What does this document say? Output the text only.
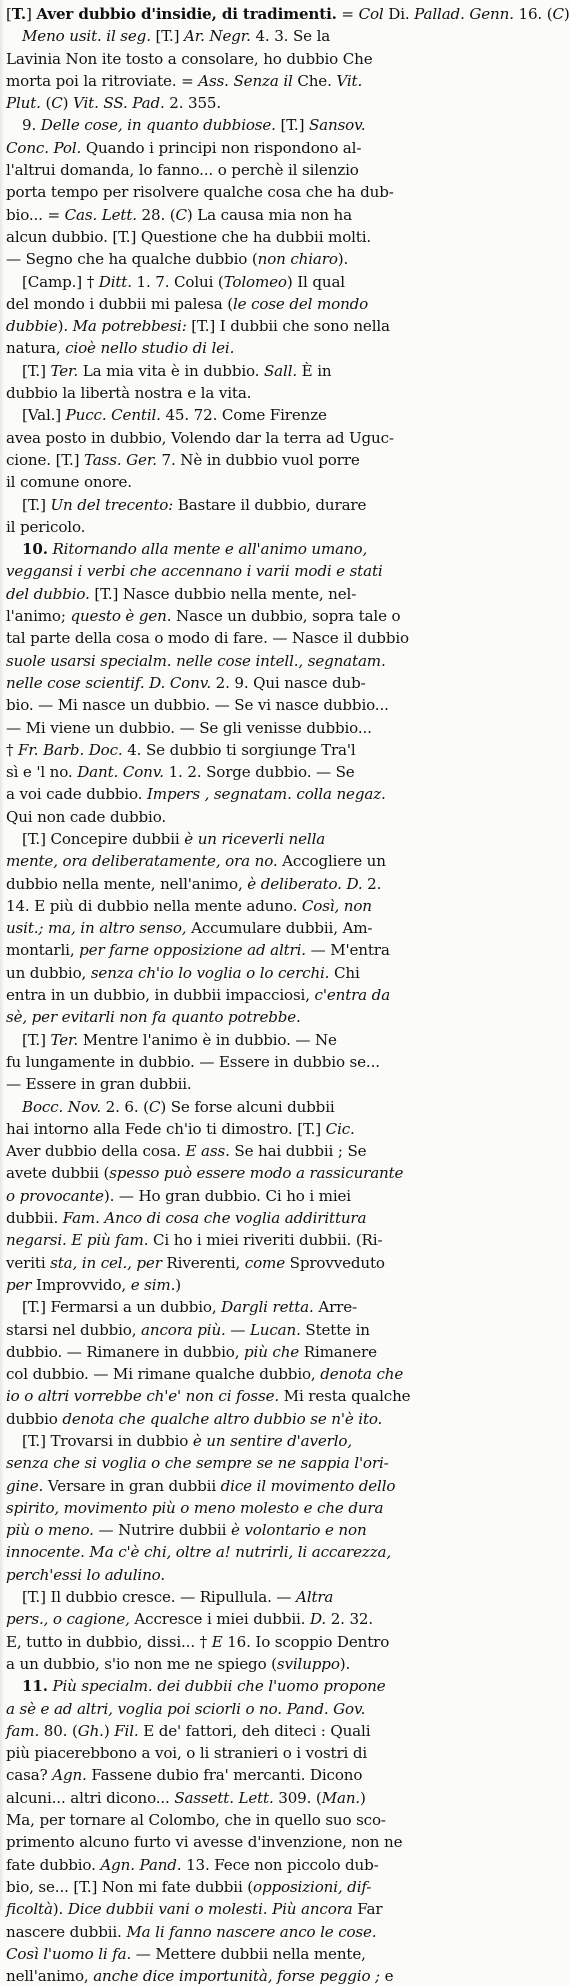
[T.] Aver dubbio d'insidie, di tradimenti. = Col Di. Pallad. Genn. 16. (C)
Meno usit. il seg. [T.] Ar. Negr. 4. 3. Se la
Lavinia Non ite tosto a consolare, ho dubbio Che
morta poi la ritroviate. = Ass. Senza il Che. Vit.
Plut. (C) Vit. SS. Pad. 2. 355.
9. Delle cose, in quanto dubbiose. [T.] Sansov.
Conc. Pol. Quando i principi non rispondono al-
l'altrui domanda, lo fanno... o perchè il silenzio
porta tempo per risolvere qualche cosa che ha dub-
bio... = Cas. Lett. 28. (C) La causa mia non ha
alcun dubbio. [T.] Questione che ha dubbii molti.
— Segno che ha qualche dubbio (non chiaro).
[Camp.] † Ditt. 1. 7. Colui (Tolomeo) Il qual
del mondo i dubbii mi palesa (le cose del mondo
dubbie). Ma potrebbesi: [T.] I dubbii che sono nella
natura, cioè nello studio di lei.
[T.] Ter. La mia vita è in dubbio. Sall. È in
dubbio la libertà nostra e la vita.
[Val.] Pucc. Centil. 45. 72. Come Firenze
avea posto in dubbio, Volendo dar la terra ad Uguc-
cione. [T.] Tass. Ger. 7. Nè in dubbio vuol porre
il comune onore.
[T.] Un del trecento: Bastare il dubbio, durare
il pericolo.
10. Ritornando alla mente e all'animo umano,
veggansi i verbi che accennano i varii modi e stati
del dubbio. [T.] Nasce dubbio nella mente, nel-
l'animo; questo è gen. Nasce un dubbio, sopra tale o
tal parte della cosa o modo di fare. — Nasce il dubbio
suole usarsi specialm. nelle cose intell., segnatam.
nelle cose scientif. D. Conv. 2. 9. Qui nasce dub-
bio. — Mi nasce un dubbio. — Se vi nasce dubbio...
— Mi viene un dubbio. — Se gli venisse dubbio...
† Fr. Barb. Doc. 4. Se dubbio ti sorgiunge Tra'l
sì e 'l no. Dant. Conv. 1. 2. Sorge dubbio. — Se
a voi cade dubbio. Impers , segnatam. colla negaz.
Qui non cade dubbio.
[T.] Concepire dubbii è un riceverli nella
mente, ora deliberatamente, ora no. Accogliere un
dubbio nella mente, nell'animo, è deliberato. D. 2.
14. E più di dubbio nella mente aduno. Così, non
usit.; ma, in altro senso, Accumulare dubbii, Am-
montarli, per farne opposizione ad altri. — M'entra
un dubbio, senza ch'io lo voglia o lo cerchi. Chi
entra in un dubbio, in dubbii impacciosi, c'entra da
sè, per evitarli non fa quanto potrebbe.
[T.] Ter. Mentre l'animo è in dubbio. — Ne
fu lungamente in dubbio. — Essere in dubbio se...
— Essere in gran dubbii.
Bocc. Nov. 2. 6. (C) Se forse alcuni dubbii
hai intorno alla Fede ch'io ti dimostro. [T.] Cic.
Aver dubbio della cosa. E ass. Se hai dubbii ; Se
avete dubbii (spesso può essere modo a rassicurante
o provocante). — Ho gran dubbio. Ci ho i miei
dubbii. Fam. Anco di cosa che voglia addirittura
negarsi. E più fam. Ci ho i miei riveriti dubbii. (Ri-
veriti sta, in cel., per Riverenti, come Sprovveduto
per Improvvido, e sim.)
[T.] Fermarsi a un dubbio, Dargli retta. Arre-
starsi nel dubbio, ancora più. — Lucan. Stette in
dubbio. — Rimanere in dubbio, più che Rimanere
col dubbio. — Mi rimane qualche dubbio, denota che
io o altri vorrebbe ch'e' non ci fosse. Mi resta qualche
dubbio denota che qualche altro dubbio se n'è ito.
[T.] Trovarsi in dubbio è un sentire d'averlo,
senza che si voglia o che sempre se ne sappia l'ori-
gine. Versare in gran dubbii dice il movimento dello
spirito, movimento più o meno molesto e che dura
più o meno. — Nutrire dubbii è volontario e non
innocente. Ma c'è chi, oltre a! nutrirli, li accarezza,
perch'essi lo adulino.
[T.] Il dubbio cresce. — Ripullula. — Altra
pers., o cagione, Accresce i miei dubbii. D. 2. 32.
E, tutto in dubbio, dissi... † E 16. Io scoppio Dentro
a un dubbio, s'io non me ne spiego (sviluppo).
11. Più specialm. dei dubbii che l'uomo propone
a sè e ad altri, voglia poi sciorli o no. Pand. Gov.
fam. 80. (Gh.) Fil. E de' fattori, deh diteci : Quali
più piacerebbono a voi, o li stranieri o i vostri di
casa? Agn. Fassene dubio fra' mercanti. Dicono
alcuni... altri dicono... Sassett. Lett. 309. (Man.)
Ma, per tornare al Colombo, che in quello suo sco-
primento alcuno furto vi avesse d'invenzione, non ne
fate dubbio. Agn. Pand. 13. Fece non piccolo dub-
bio, se... [T.] Non mi fate dubbii (opposizioni, dif-
ficoltà). Dice dubbii vani o molesti. Più ancora Far
nascere dubbii. Ma li fanno nascere anco le cose.
Così l'uomo li fa. — Mettere dubbii nella mente,
nell'animo, anche dice importunità, forse peggio ; e
